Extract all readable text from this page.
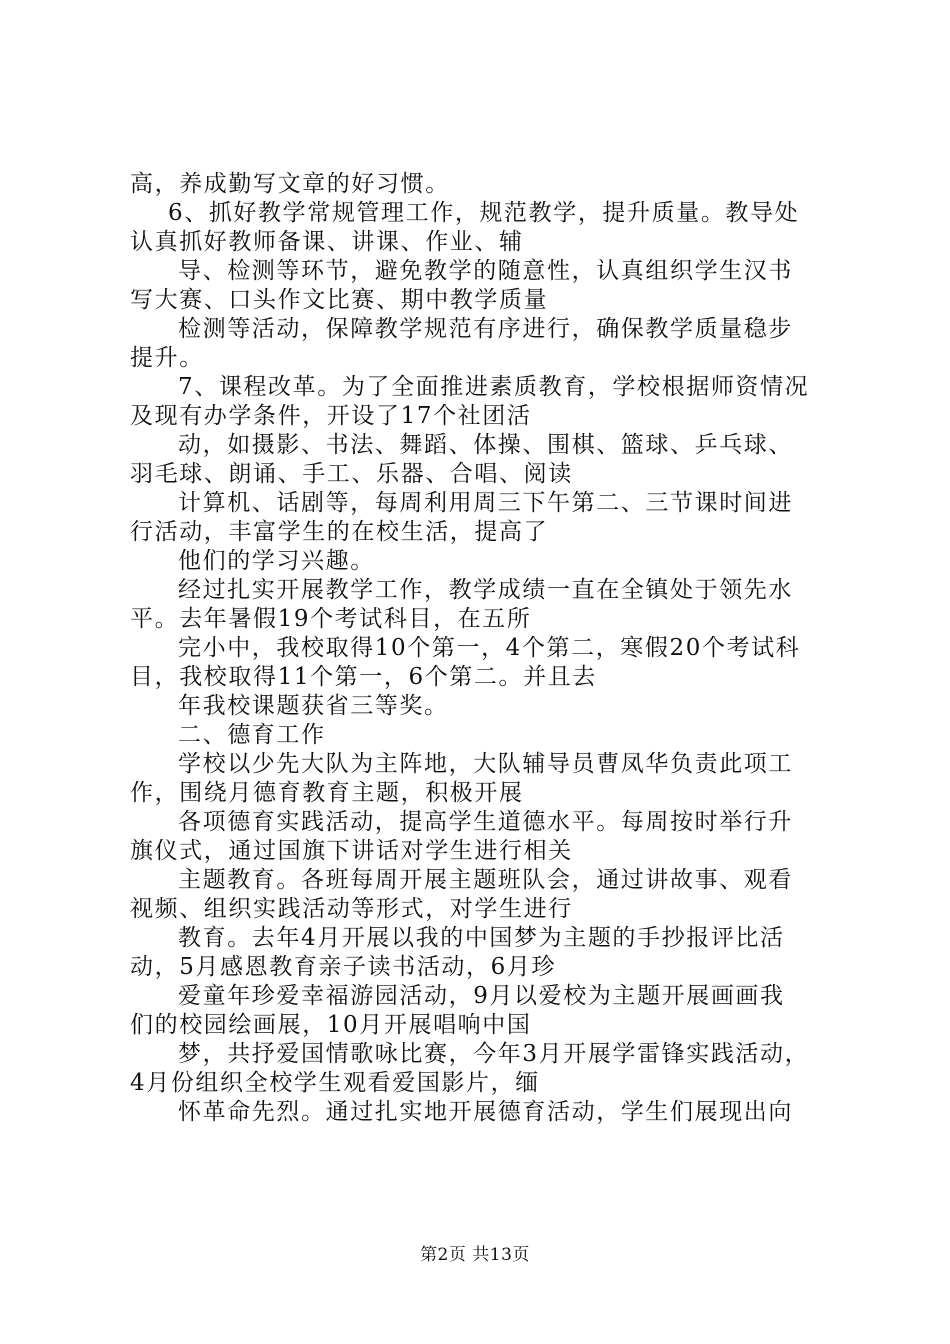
高，养成勤写文章的好习惯。
6、抓好教学常规管理工作，规范教学，提升质量。教导处
认真抓好教师备课、讲课、作业、辅
导、检测等环节，避免教学的随意性，认真组织学生汉书
写大赛、口头作文比赛、期中教学质量
检测等活动，保障教学规范有序进行，确保教学质量稳步
提升。
7、课程改革。为了全面推进素质教育，学校根据师资情况
及现有办学条件，开设了17个社团活
动，如摄影、书法、舞蹈、体操、围棋、篮球、乒乓球、
羽毛球、朗诵、手工、乐器、合唱、阅读
计算机、话剧等，每周利用周三下午第二、三节课时间进
行活动，丰富学生的在校生活，提高了
他们的学习兴趣。
经过扎实开展教学工作，教学成绩一直在全镇处于领先水
平。去年暑假19个考试科目，在五所
完小中，我校取得10个第一，4个第二，寒假20个考试科
目，我校取得11个第一，6个第二。并且去
年我校课题获省三等奖。
二、德育工作
学校以少先大队为主阵地，大队辅导员曹凤华负责此项工
作，围绕月德育教育主题，积极开展
各项德育实践活动，提高学生道德水平。每周按时举行升
旗仪式，通过国旗下讲话对学生进行相关
主题教育。各班每周开展主题班队会，通过讲故事、观看
视频、组织实践活动等形式，对学生进行
教育。去年4月开展以我的中国梦为主题的手抄报评比活
动，5月感恩教育亲子读书活动，6月珍
爱童年珍爱幸福游园活动，9月以爱校为主题开展画画我
们的校园绘画展，10月开展唱响中国
梦，共抒爱国情歌咏比赛，今年3月开展学雷锋实践活动，
4月份组织全校学生观看爱国影片，缅
怀革命先烈。通过扎实地开展德育活动，学生们展现出向
第2页 共13页
